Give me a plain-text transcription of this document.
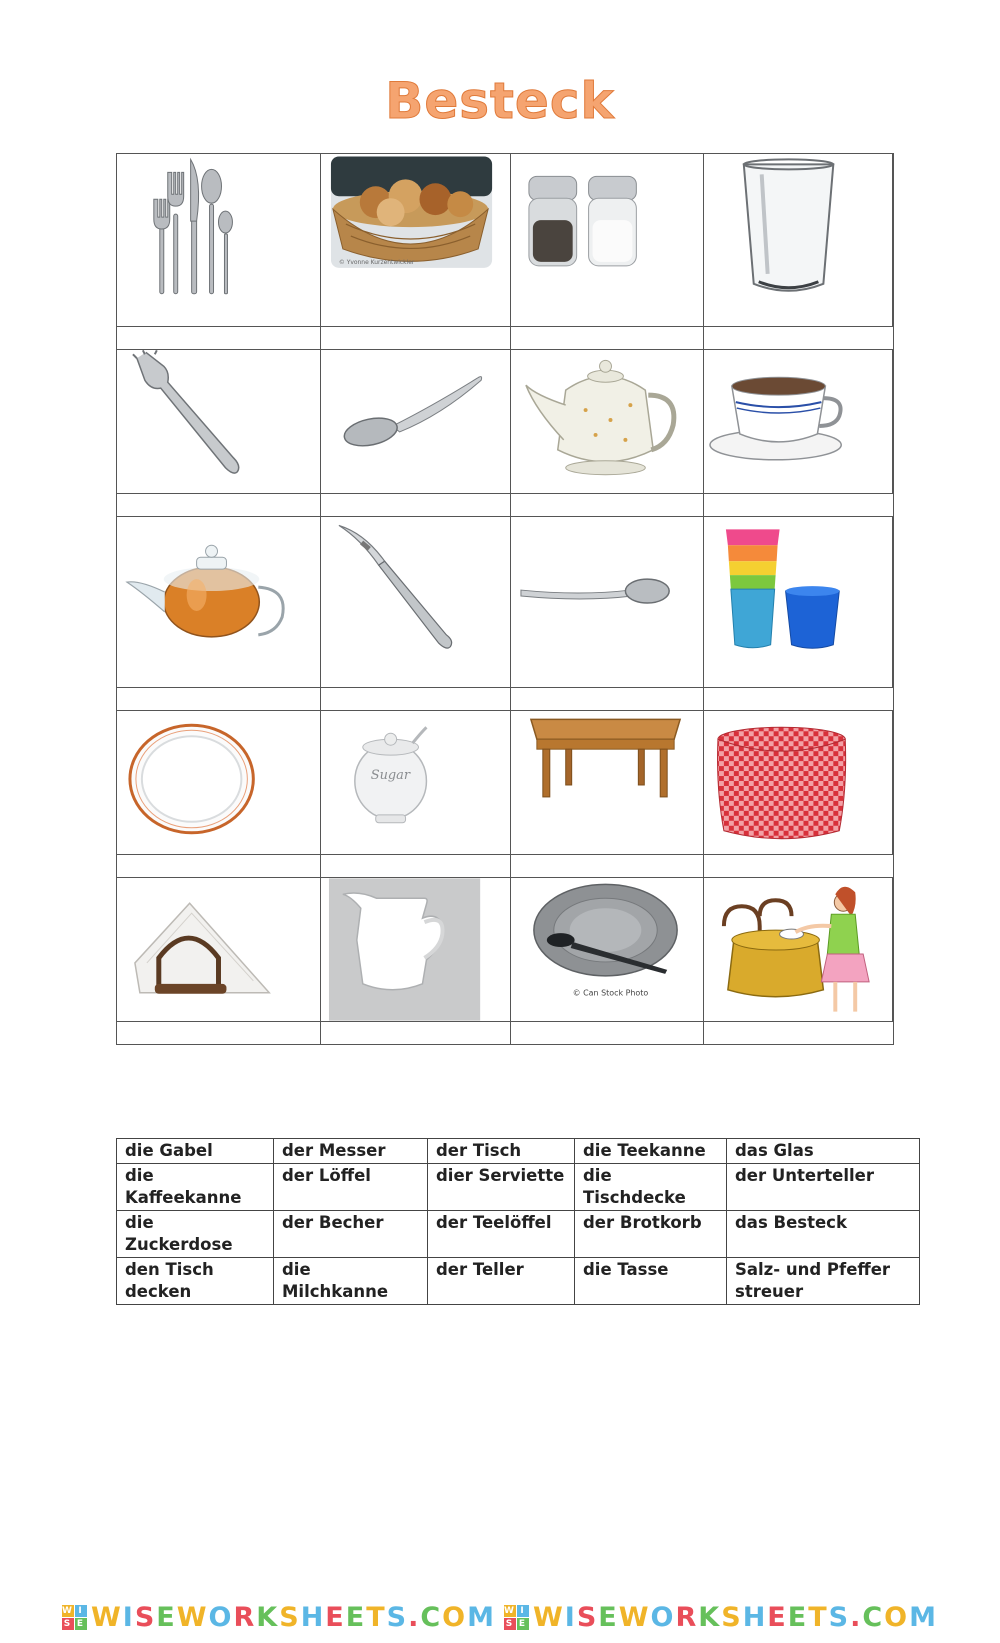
Besteck
© Yvonne Kurzentwickler
Sugar
© Can Stock Photo
die Gabel	der Messer	der Tisch	die Teekanne	das Glas
die Kaffeekanne	der Löffel	dier Serviette	die Tischdecke	der Unterteller
die Zuckerdose	der Becher	der Teelöffel	der Brotkorb	das Besteck
den Tisch decken	die Milchkanne	der Teller	die Tasse	Salz- und Pfeffer streuer
W I
S E WISEWORKSHEETS.COM W I
S E WISEWORKSHEETS.COM
